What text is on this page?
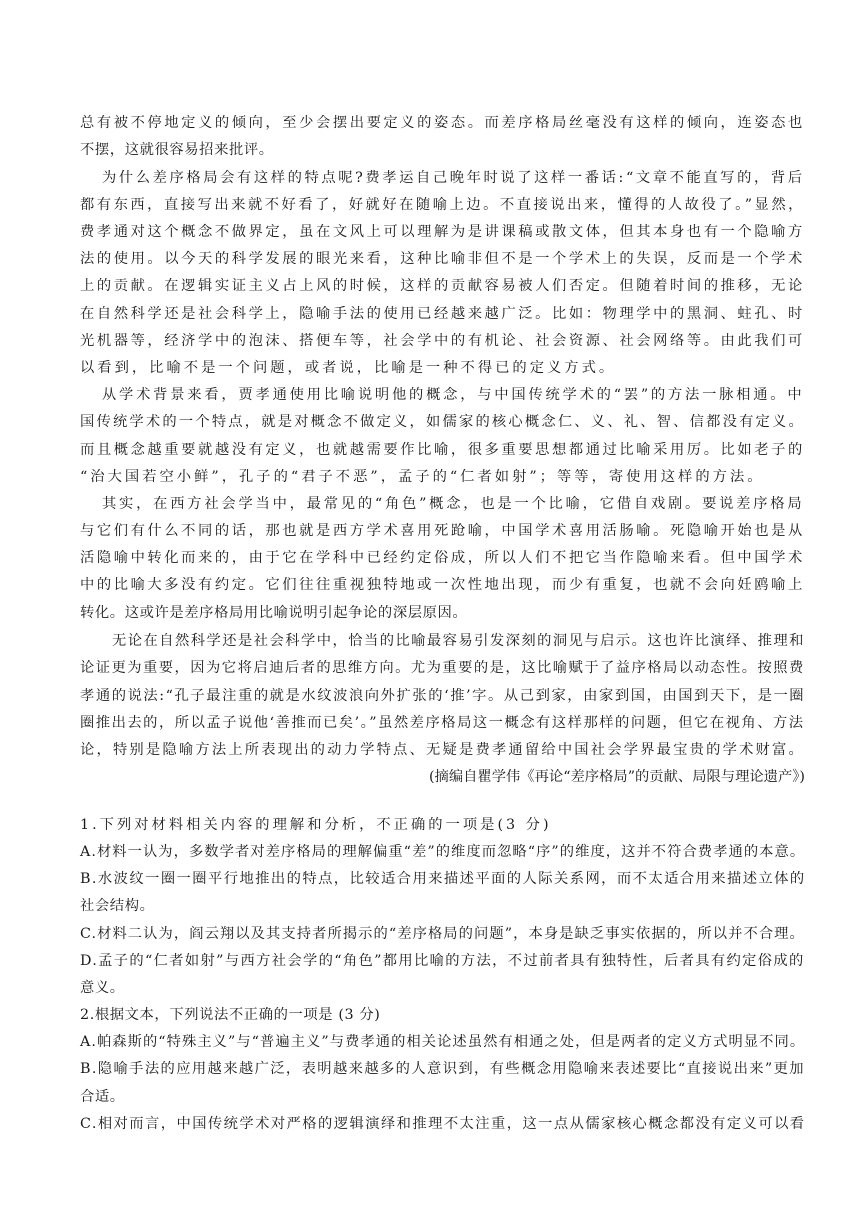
总有被不停地定义的倾向，至少会摆出要定义的姿态。而差序格局丝毫没有这样的倾向，连姿态也
不摆，这就很容易招来批评。
为什么差序格局会有这样的特点呢?费孝运自己晚年时说了这样一番话:“文章不能直写的，背后
都有东西，直接写出来就不好看了，好就好在随喻上边。不直接说出来，懂得的人故役了。”显然，
费孝通对这个概念不做界定，虽在文风上可以理解为是讲课稿或散文体，但其本身也有一个隐喻方
法的使用。以今天的科学发展的眼光来看，这种比喻非但不是一个学术上的失误，反而是一个学术
上的贡献。在逻辑实证主义占上风的时候，这样的贡献容易被人们否定。但随着时间的推移，无论
在自然科学还是社会科学上，隐喻手法的使用已经越来越广泛。比如：物理学中的黑洞、蛀孔、时
光机器等，经济学中的泡沫、搭便车等，社会学中的有机论、社会资源、社会网络等。由此我们可
以看到，比喻不是一个问题，或者说，比喻是一种不得已的定义方式。
从学术背景来看，贾孝通使用比喻说明他的概念，与中国传统学术的“罢”的方法一脉相通。中
国传统学术的一个特点，就是对概念不做定义，如儒家的核心概念仁、义、礼、智、信都没有定义。
而且概念越重要就越没有定义，也就越需要作比喻，很多重要思想都通过比喻采用厉。比如老子的
“治大国若空小鲜”，孔子的“君子不恶”，孟子的“仁者如射”；等等，寄使用这样的方法。
其实，在西方社会学当中，最常见的“角色”概念，也是一个比喻，它借自戏剧。要说差序格局
与它们有什么不同的话，那也就是西方学术喜用死跄喻，中国学术喜用活肠喻。死隐喻开始也是从
活隐喻中转化而来的，由于它在学科中已经约定俗成，所以人们不把它当作隐喻来看。但中国学术
中的比喻大多没有约定。它们往往重视独特地或一次性地出现，而少有重复，也就不会向妊鸥喻上
转化。这或许是差序格局用比喻说明引起争论的深层原因。
无论在自然科学还是社会科学中，恰当的比喻最容易引发深刻的洞见与启示。这也许比演绎、推理和
论证更为重要，因为它将启迪后者的思维方向。尤为重要的是，这比喻赋于了益序格局以动态性。按照费
孝通的说法:“孔子最注重的就是水纹波浪向外扩张的‘推’字。从己到家，由家到国，由国到天下，是一圈
圈推出去的，所以孟子说他‘善推而已矣’。”虽然差序格局这一概念有这样那样的问题，但它在视角、方法
论，特别是隐喻方法上所表现出的动力学特点、无疑是费孝通留给中国社会学界最宝贵的学术财富。
(摘编自瞿学伟《再论“差序格局”的贡献、局限与理论遗产》)
1.下列对材料相关内容的理解和分析，不正确的一项是(3 分)
A.材料一认为，多数学者对差序格局的理解偏重“差”的维度而忽略“序”的维度，这并不符合费孝通的本意。
B.水波纹一圈一圈平行地推出的特点，比较适合用来描述平面的人际关系网，而不太适合用来描述立体的
社会结构。
C.材料二认为，阎云翔以及其支持者所揭示的“差序格局的问题”，本身是缺乏事实依据的，所以并不合理。
D.孟子的“仁者如射”与西方社会学的“角色”都用比喻的方法，不过前者具有独特性，后者具有约定俗成的
意义。
2.根据文本，下列说法不正确的一项是 (3 分)
A.帕森斯的“特殊主义”与“普遍主义”与费孝通的相关论述虽然有相通之处，但是两者的定义方式明显不同。
B.隐喻手法的应用越来越广泛，表明越来越多的人意识到，有些概念用隐喻来表述要比“直接说出来”更加
合适。
C.相对而言，中国传统学术对严格的逻辑演绎和推理不太注重，这一点从儒家核心概念都没有定义可以看
